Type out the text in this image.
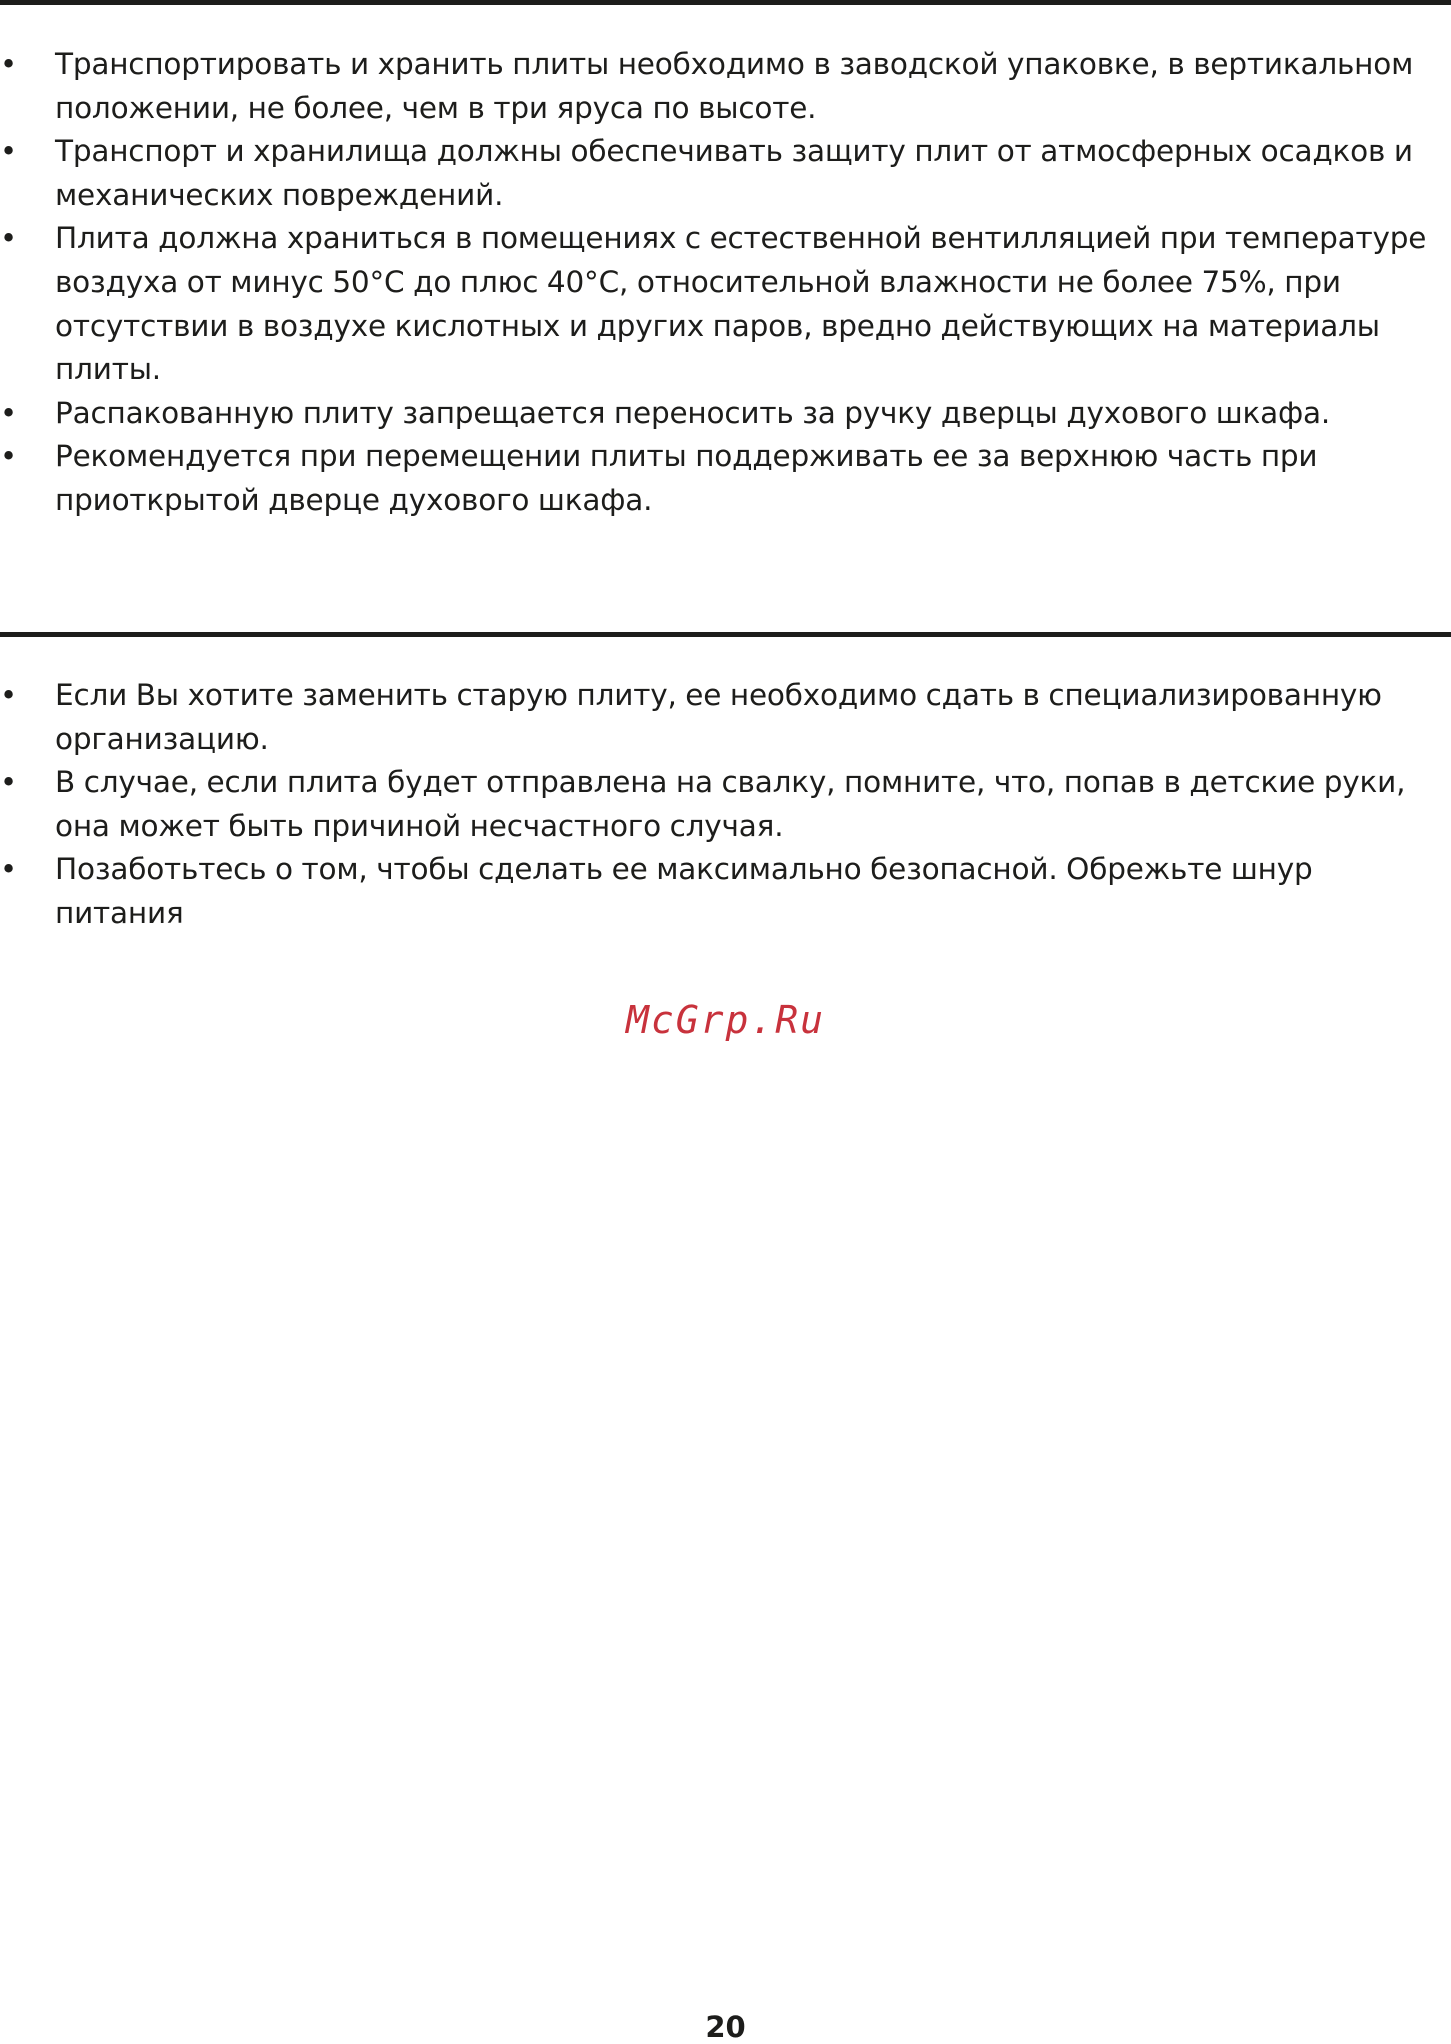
• Транспортировать и хранить плиты необходимо в заводской упаковке, в вертикальном положении, не более, чем в три яруса по высоте.
• Транспорт и хранилища должны обеспечивать защиту плит от атмосферных осадков и механических повреждений.
• Плита должна храниться в помещениях с естественной вентилляцией при температуре воздуха от минус 50°С до плюс 40°С, относительной влажности не более 75%, при отсутствии в воздухе кислотных и других паров, вредно действующих на материалы плиты.
• Распакованную плиту запрещается переносить за ручку дверцы духового шкафа.
• Рекомендуется при перемещении плиты поддерживать ее за верхнюю часть при приоткрытой дверце духового шкафа.
• Если Вы хотите заменить старую плиту, ее необходимо сдать в специализированную организацию.
• В случае, если плита будет отправлена на свалку, помните, что, попав в детские руки, она может быть причиной несчастного случая.
• Позаботьтесь о том, чтобы сделать ее максимально безопасной. Обрежьте шнур питания
McGrp.Ru
20
